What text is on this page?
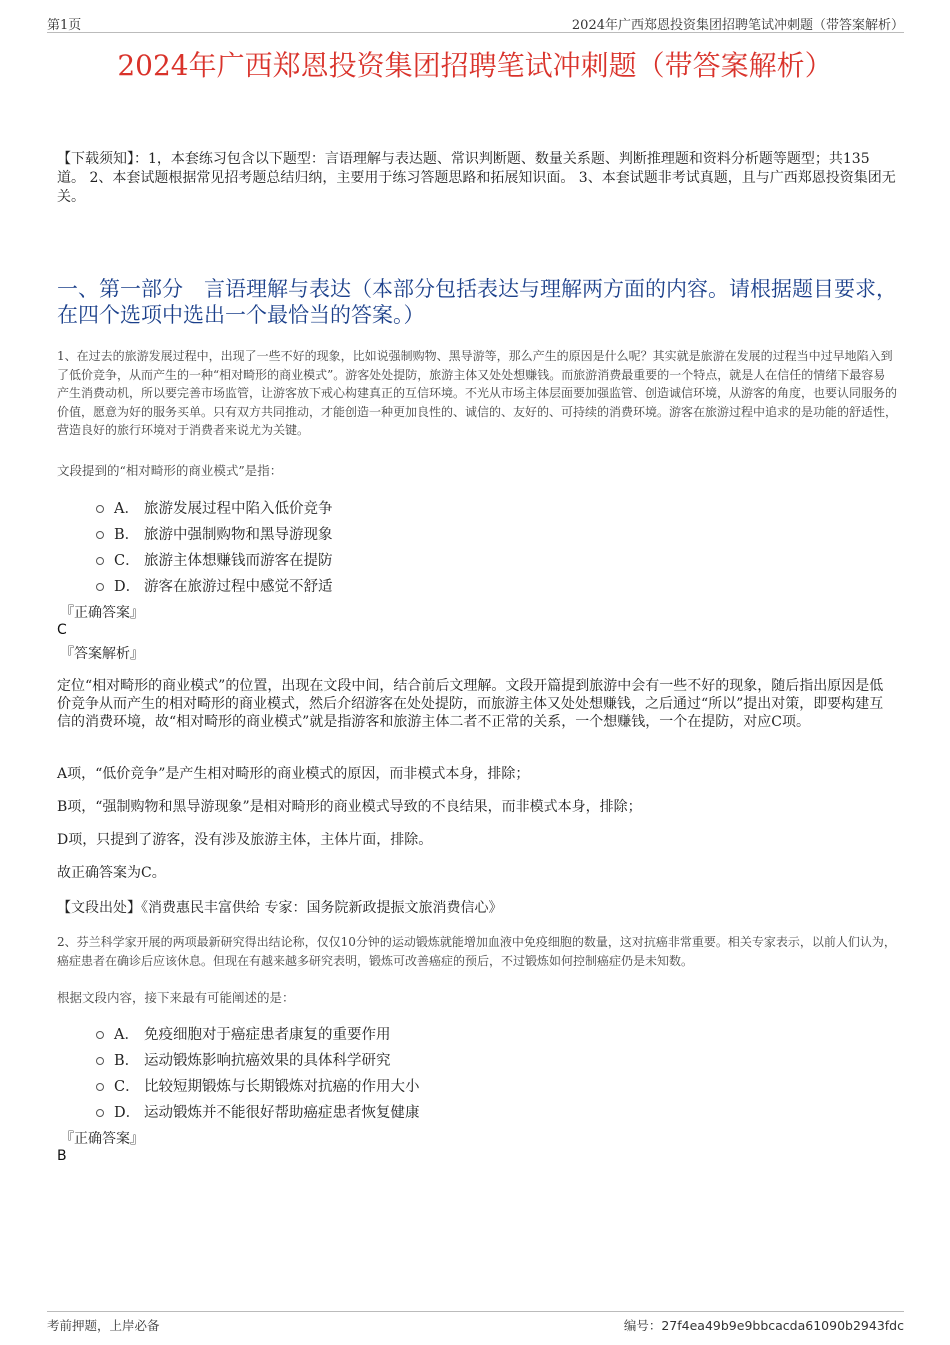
第1页	2024年广西郑恩投资集团招聘笔试冲刺题（带答案解析）
2024年广西郑恩投资集团招聘笔试冲刺题（带答案解析）
【下载须知】：1，本套练习包含以下题型：言语理解与表达题、常识判断题、数量关系题、判断推理题和资料分析题等题型；共135道。 2、本套试题根据常见招考题总结归纳，主要用于练习答题思路和拓展知识面。 3、本套试题非考试真题，且与广西郑恩投资集团无关。
一、第一部分　言语理解与表达（本部分包括表达与理解两方面的内容。请根据题目要求，在四个选项中选出一个最恰当的答案。）
1、在过去的旅游发展过程中，出现了一些不好的现象，比如说强制购物、黑导游等，那么产生的原因是什么呢？其实就是旅游在发展的过程当中过早地陷入到了低价竞争，从而产生的一种“相对畸形的商业模式”。游客处处提防，旅游主体又处处想赚钱。而旅游消费最重要的一个特点，就是人在信任的情绪下最容易产生消费动机，所以要完善市场监管，让游客放下戒心构建真正的互信环境。不光从市场主体层面要加强监管、创造诚信环境，从游客的角度，也要认同服务的价值，愿意为好的服务买单。只有双方共同推动，才能创造一种更加良性的、诚信的、友好的、可持续的消费环境。游客在旅游过程中追求的是功能的舒适性，营造良好的旅行环境对于消费者来说尤为关键。
文段提到的“相对畸形的商业模式”是指：
A． 旅游发展过程中陷入低价竞争
B． 旅游中强制购物和黑导游现象
C． 旅游主体想赚钱而游客在提防
D． 游客在旅游过程中感觉不舒适
『正确答案』
C
『答案解析』
定位“相对畸形的商业模式”的位置，出现在文段中间，结合前后文理解。文段开篇提到旅游中会有一些不好的现象，随后指出原因是低价竞争从而产生的相对畸形的商业模式，然后介绍游客在处处提防，而旅游主体又处处想赚钱，之后通过“所以”提出对策，即要构建互信的消费环境，故“相对畸形的商业模式”就是指游客和旅游主体二者不正常的关系，一个想赚钱，一个在提防，对应C项。
A项，“低价竞争”是产生相对畸形的商业模式的原因，而非模式本身，排除；
B项，“强制购物和黑导游现象”是相对畸形的商业模式导致的不良结果，而非模式本身，排除；
D项，只提到了游客，没有涉及旅游主体，主体片面，排除。
故正确答案为C。
【文段出处】《消费惠民丰富供给 专家：国务院新政提振文旅消费信心》
2、芬兰科学家开展的两项最新研究得出结论称，仅仅10分钟的运动锻炼就能增加血液中免疫细胞的数量，这对抗癌非常重要。相关专家表示，以前人们认为，癌症患者在确诊后应该休息。但现在有越来越多研究表明，锻炼可改善癌症的预后，不过锻炼如何控制癌症仍是未知数。
根据文段内容，接下来最有可能阐述的是：
A． 免疫细胞对于癌症患者康复的重要作用
B． 运动锻炼影响抗癌效果的具体科学研究
C． 比较短期锻炼与长期锻炼对抗癌的作用大小
D． 运动锻炼并不能很好帮助癌症患者恢复健康
『正确答案』
B
考前押题，上岸必备	编号：27f4ea49b9e9bbcacda61090b2943fdc
